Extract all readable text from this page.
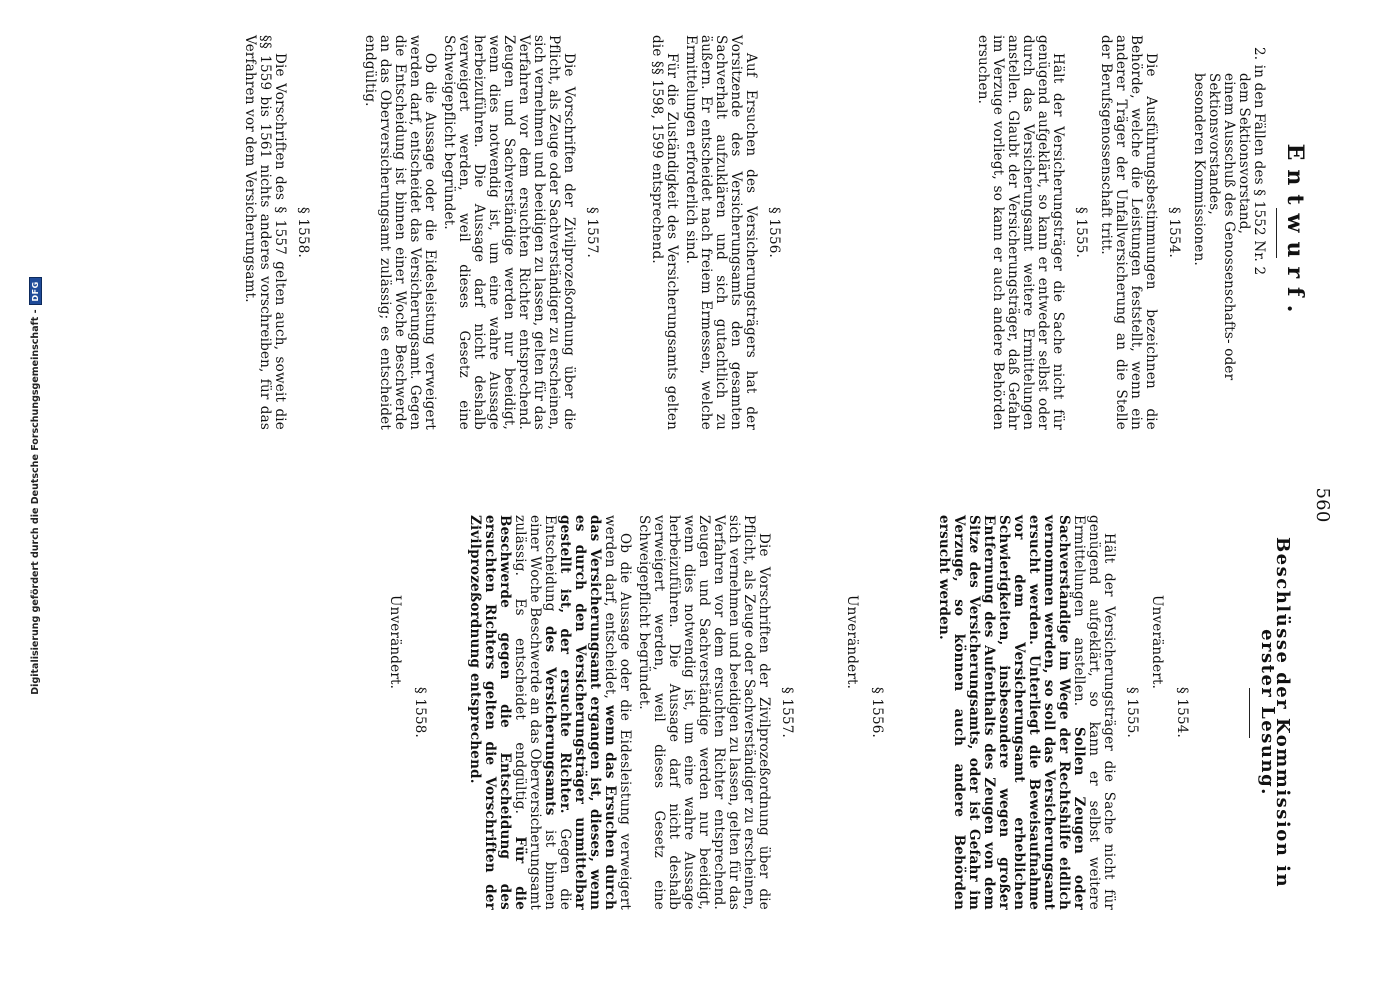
560
Entwurf.
2. in den Fällen des § 1552 Nr. 2
dem Sektionsvorstand,
einem Ausschuß des Genossenschafts- oder
Sektionsvorstandes,
besonderen Kommissionen.
§ 1554.

Die Ausführungsbestimmungen bezeichnen die Behörde, welche die Leistungen feststellt, wenn ein anderer Träger der Unfallversicherung an die Stelle der Berufsgenossenschaft tritt.

§ 1555.

Hält der Versicherungsträger die Sache nicht für genügend aufgeklärt, so kann er entweder selbst oder durch das Versicherungsamt weitere Ermittelungen anstellen. Glaubt der Versicherungsträger, daß Gefahr im Verzuge vorliegt, so kann er auch andere Behörden ersuchen.

§ 1556.

Auf Ersuchen des Versicherungsträgers hat der Vorsitzende des Versicherungsamts den gesamten Sachverhalt aufzuklären und sich gutachtlich zu äußern. Er entscheidet nach freiem Ermessen, welche Ermittelungen erforderlich sind.

Für die Zuständigkeit des Versicherungsamts gelten die §§ 1598, 1599 entsprechend.

§ 1557.

Die Vorschriften der Zivilprozeßordnung über die Pflicht, als Zeuge oder Sachverständiger zu erscheinen, sich vernehmen und beeidigen zu lassen, gelten für das Verfahren vor dem ersuchten Richter entsprechend. Zeugen und Sachverständige werden nur beeidigt, wenn dies notwendig ist, um eine wahre Aussage herbeizuführen. Die Aussage darf nicht deshalb verweigert werden, weil dieses Gesetz eine Schweigepflicht begründet.

Ob die Aussage oder die Eidesleistung verweigert werden darf, entscheidet das Versicherungsamt. Gegen die Entscheidung ist binnen einer Woche Beschwerde an das Oberversicherungsamt zulässig; es entscheidet endgültig.

§ 1558.

Die Vorschriften des § 1557 gelten auch, soweit die §§ 1559 bis 1561 nichts anderes vorschreiben, für das Verfahren vor dem Versicherungsamt.

Beschlüsse der Kommission in erster Lesung.
§ 1554.
Unverändert.
§ 1555.

Hält der Versicherungsträger die Sache nicht für genügend aufgeklärt, so kann er selbst weitere Ermittelungen anstellen. Sollen Zeugen oder Sachverständige im Wege der Rechtshilfe eidlich vernommen werden, so soll das Versicherungsamt ersucht werden. Unterliegt die Beweisaufnahme vor dem Versicherungsamt erheblichen Schwierigkeiten, insbesondere wegen großer Entfernung des Aufenthalts des Zeugen von dem Sitze des Versicherungsamts, oder ist Gefahr im Verzuge, so können auch andere Behörden ersucht werden.

§ 1556.
Unverändert.
§ 1557.

Die Vorschriften der Zivilprozeßordnung über die Pflicht, als Zeuge oder Sachverständiger zu erscheinen, sich vernehmen und beeidigen zu lassen, gelten für das Verfahren vor dem ersuchten Richter entsprechend. Zeugen und Sachverständige werden nur beeidigt, wenn dies notwendig ist, um eine wahre Aussage herbeizuführen. Die Aussage darf nicht deshalb verweigert werden, weil dieses Gesetz eine Schweigepflicht begründet.

Ob die Aussage oder die Eidesleistung verweigert werden darf, entscheidet, wenn das Ersuchen durch das Versicherungsamt ergangen ist, dieses, wenn es durch den Versicherungsträger unmittelbar gestellt ist, der ersuchte Richter. Gegen die Entscheidung des Versicherungsamts ist binnen einer Woche Beschwerde an das Oberversicherungsamt zulässig. Es entscheidet endgültig. Für die Beschwerde gegen die Entscheidung des ersuchten Richters gelten die Vorschriften der Zivilprozeßordnung entsprechend.

§ 1558.
Unverändert.
Digitalisierung gefördert durch die Deutsche Forschungsgemeinschaft -
DFG
